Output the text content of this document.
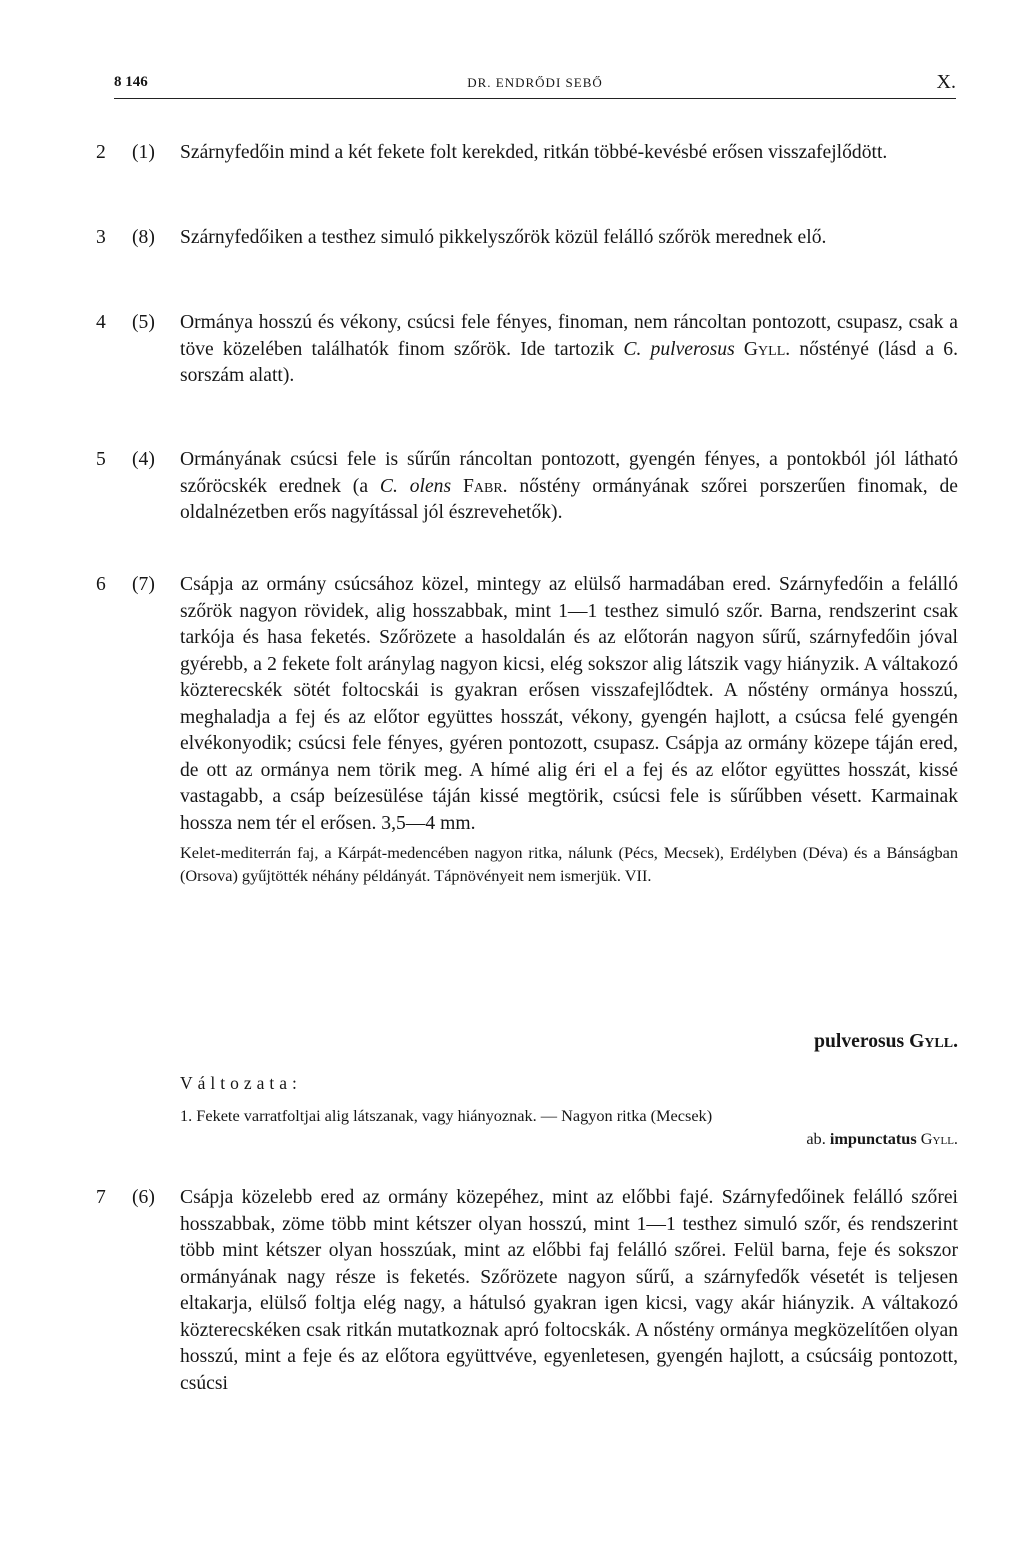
8 146	DR. ENDRŐDI SEBŐ	X.
2	(1) Szárnyfedőin mind a két fekete folt kerekded, ritkán többé-kevésbé erősen visszafejlődött.
3	(8) Szárnyfedőiken a testhez simuló pikkelyszőrök közül felálló szőrök merednek elő.
4	(5) Ormánya hosszú és vékony, csúcsi fele fényes, finoman, nem ráncoltan pontozott, csupasz, csak a töve közelében találhatók finom szőrök. Ide tartozik C. pulverosus Gyll. nőstényé (lásd a 6. sorszám alatt).
5	(4) Ormányának csúcsi fele is sűrűn ráncoltan pontozott, gyengén fényes, a pontokból jól látható szőröcskék erednek (a C. olens Fabr. nőstény ormányának szőrei porszerűen finomak, de oldalnézetben erős nagyítással jól észrevehetők).
6	(7) Csápja az ormány csúcsához közel, mintegy az elülső harmadában ered. Szárnyfedőin a felálló szőrök nagyon rövidek, alig hosszabbak, mint 1—1 testhez simuló szőr. Barna, rendszerint csak tarkója és hasa feketés. Szőrözete a hasoldalán és az előtorán nagyon sűrű, szárnyfedőin jóval gyérebb, a 2 fekete folt aránylag nagyon kicsi, elég sokszor alig látszik vagy hiányzik. A váltakozó közterecskék sötét foltocskái is gyakran erősen visszafejlődtek. A nőstény ormánya hosszú, meghaladja a fej és az előtor együttes hosszát, vékony, gyengén hajlott, a csúcsa felé gyengén elvékonyodik; csúcsi fele fényes, gyéren pontozott, csupasz. Csápja az ormány közepe táján ered, de ott az ormánya nem törik meg. A hímé alig éri el a fej és az előtor együttes hosszát, kissé vastagabb, a csáp beízesülése táján kissé megtörik, csúcsi fele is sűrűbben vésett. Karmainak hossza nem tér el erősen. 3,5—4 mm.
Kelet-mediterrán faj, a Kárpát-medencében nagyon ritka, nálunk (Pécs, Mecsek), Erdélyben (Déva) és a Bánságban (Orsova) gyűjtötték néhány példányát. Tápnövényeit nem ismerjük. VII.
pulverosus Gyll.
Változata:
1. Fekete varratfoltjai alig látszanak, vagy hiányoznak. — Nagyon ritka (Mecsek)
ab. impunctatus Gyll.
7	(6) Csápja közelebb ered az ormány közepéhez, mint az előbbi fajé. Szárnyfedőinek felálló szőrei hosszabbak, zöme több mint kétszer olyan hosszú, mint 1—1 testhez simuló szőr, és rendszerint több mint kétszer olyan hosszúak, mint az előbbi faj felálló szőrei. Felül barna, feje és sokszor ormányának nagy része is feketés. Szőrözete nagyon sűrű, a szárnyfedők vésetét is teljesen eltakarja, elülső foltja elég nagy, a hátulsó gyakran igen kicsi, vagy akár hiányzik. A váltakozó közterecskéken csak ritkán mutatkoznak apró foltocskák. A nőstény ormánya megközelítően olyan hosszú, mint a feje és az előtora együttvéve, egyenletesen, gyengén hajlott, a csúcsáig pontozott, csúcsi
